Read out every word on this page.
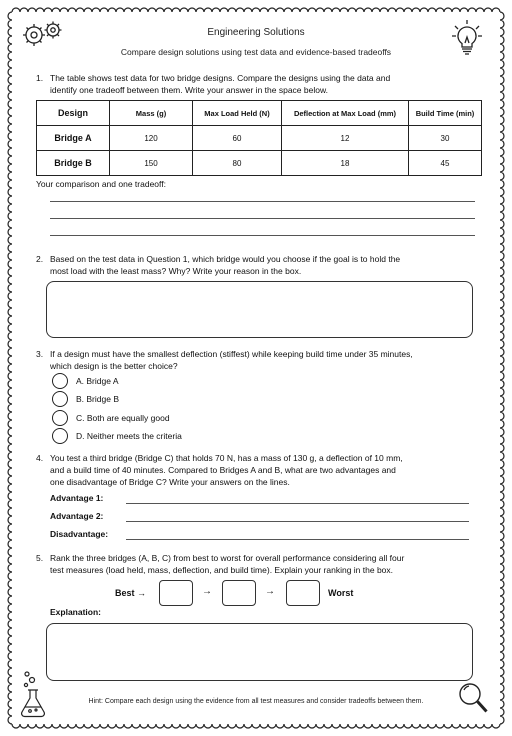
Engineering Solutions
Compare design solutions using test data and evidence-based tradeoffs
1. The table shows test data for two bridge designs. Compare the designs using the data and
identify one tradeoff between them. Write your answer in the space below.
Design	Mass (g)	Max Load Held (N)	Deflection at Max Load (mm)	Build Time (min)
Bridge A	120	60	12	30
Bridge B	150	80	18	45
Your comparison and one tradeoff:
2. Based on the test data in Question 1, which bridge would you choose if the goal is to hold the
most load with the least mass? Why? Write your reason in the box.
3. If a design must have the smallest deflection (stiffest) while keeping build time under 35 minutes,
which design is the better choice?
A. Bridge A
B. Bridge B
C. Both are equally good
D. Neither meets the criteria
4. You test a third bridge (Bridge C) that holds 70 N, has a mass of 130 g, a deflection of 10 mm,
and a build time of 40 minutes. Compared to Bridges A and B, what are two advantages and
one disadvantage of Bridge C? Write your answers on the lines.
Advantage 1:
Advantage 2:
Disadvantage:
5. Rank the three bridges (A, B, C) from best to worst for overall performance considering all four
test measures (load held, mass, deflection, and build time). Explain your ranking in the box.
Best →	→	→	Worst
Explanation:
Hint: Compare each design using the evidence from all test measures and consider tradeoffs between them.
